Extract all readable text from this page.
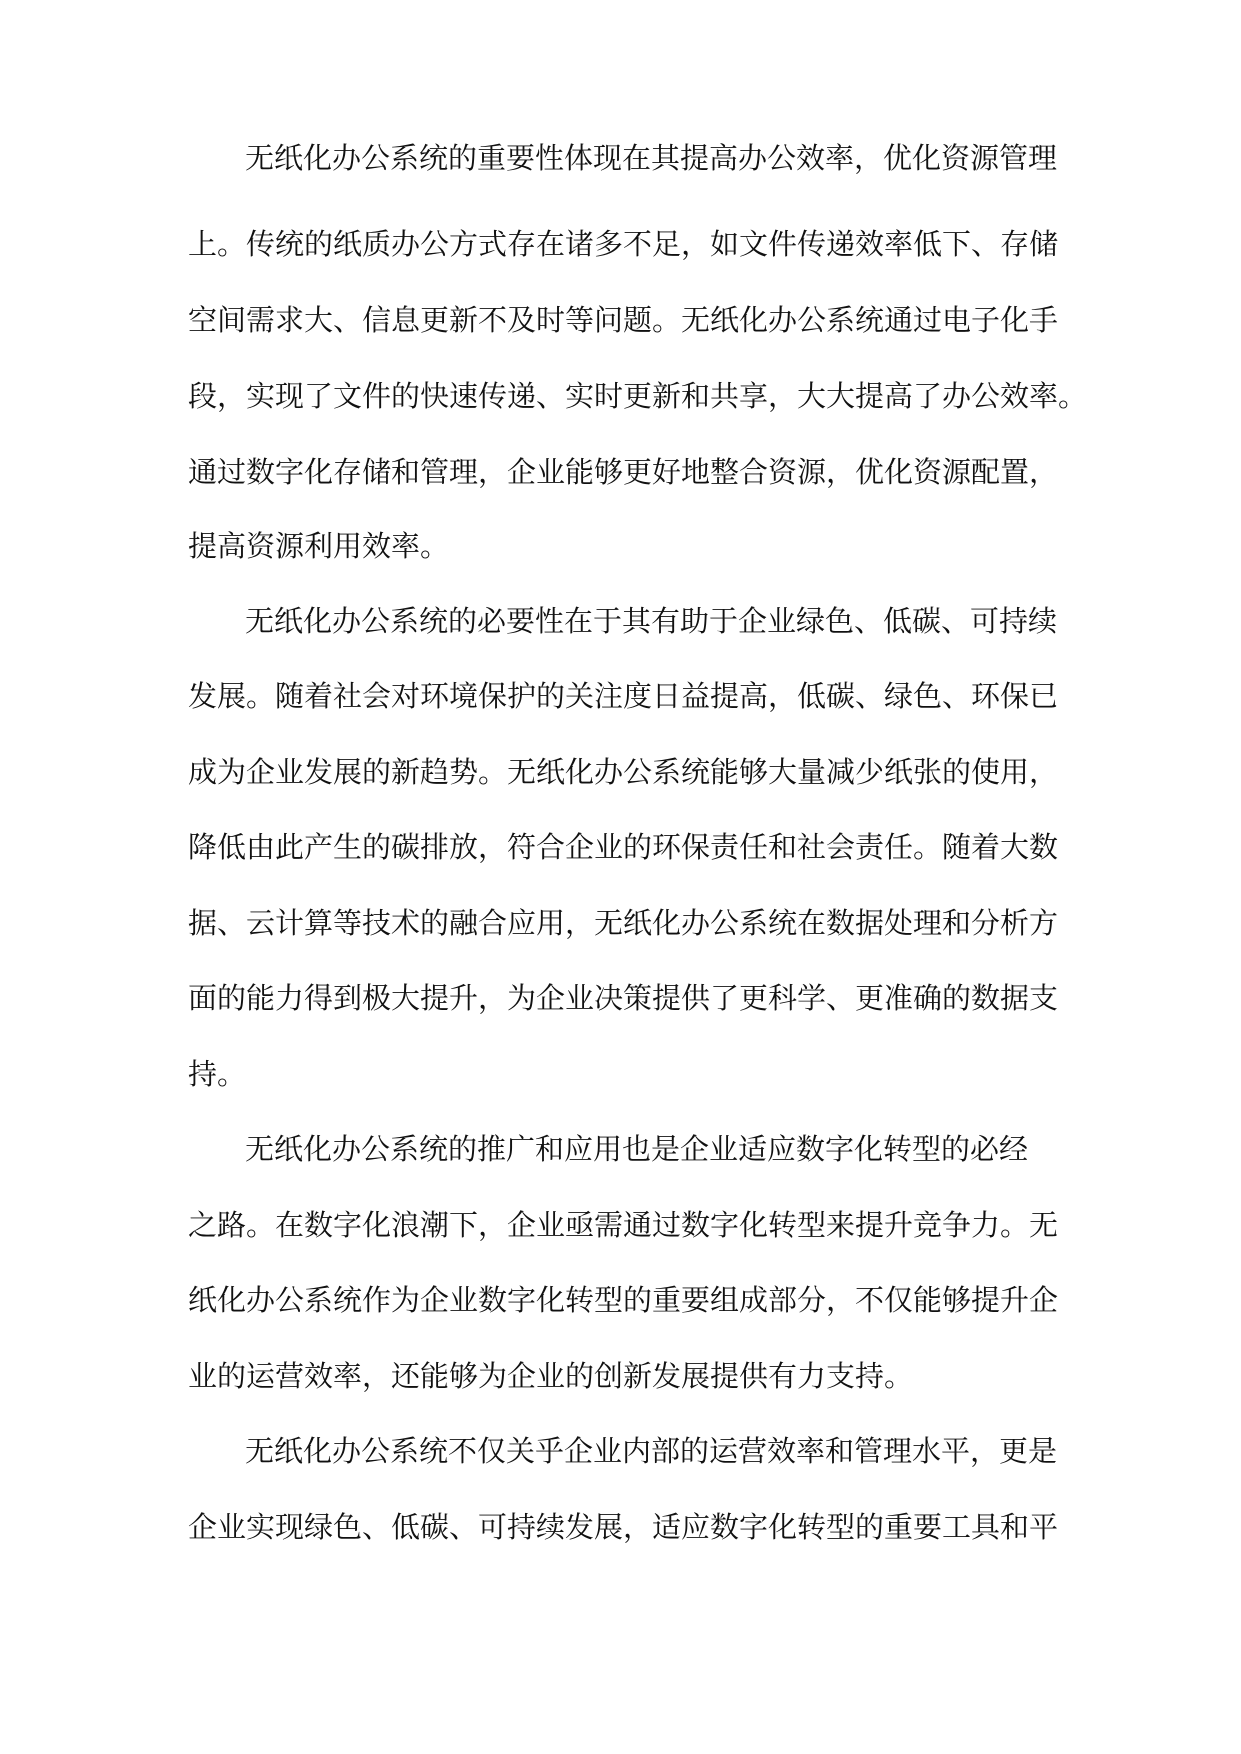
无纸化办公系统的重要性体现在其提高办公效率，优化资源管理
上。传统的纸质办公方式存在诸多不足，如文件传递效率低下、存储
空间需求大、信息更新不及时等问题。无纸化办公系统通过电子化手
段，实现了文件的快速传递、实时更新和共享，大大提高了办公效率。
通过数字化存储和管理，企业能够更好地整合资源，优化资源配置，
提高资源利用效率。
无纸化办公系统的必要性在于其有助于企业绿色、低碳、可持续
发展。随着社会对环境保护的关注度日益提高，低碳、绿色、环保已
成为企业发展的新趋势。无纸化办公系统能够大量减少纸张的使用，
降低由此产生的碳排放，符合企业的环保责任和社会责任。随着大数
据、云计算等技术的融合应用，无纸化办公系统在数据处理和分析方
面的能力得到极大提升，为企业决策提供了更科学、更准确的数据支
持。
无纸化办公系统的推广和应用也是企业适应数字化转型的必经
之路。在数字化浪潮下，企业亟需通过数字化转型来提升竞争力。无
纸化办公系统作为企业数字化转型的重要组成部分，不仅能够提升企
业的运营效率，还能够为企业的创新发展提供有力支持。
无纸化办公系统不仅关乎企业内部的运营效率和管理水平，更是
企业实现绿色、低碳、可持续发展，适应数字化转型的重要工具和平
